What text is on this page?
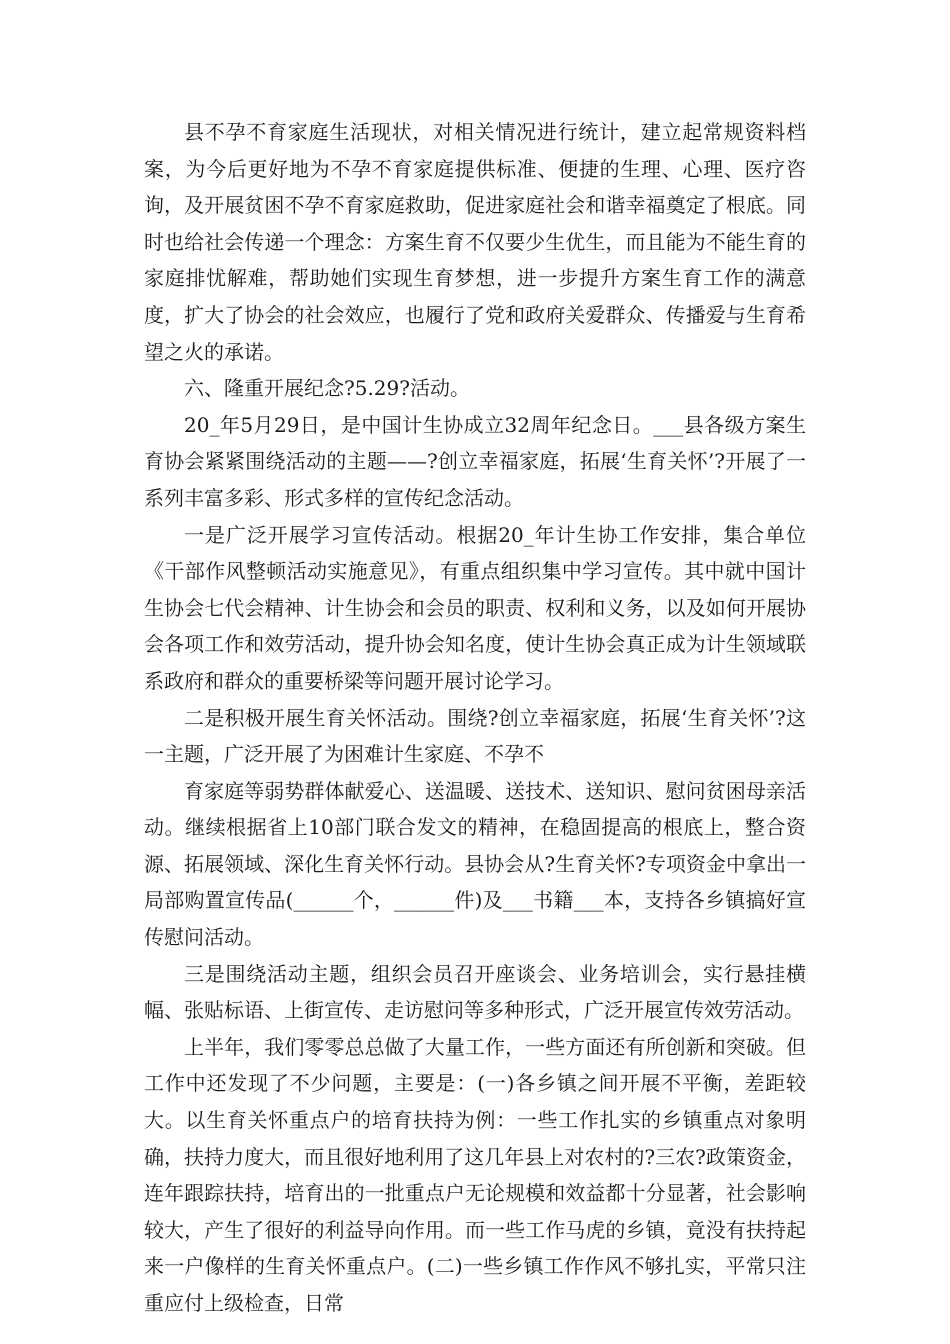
县不孕不育家庭生活现状，对相关情况进行统计，建立起常规资料档案，为今后更好地为不孕不育家庭提供标准、便捷的生理、心理、医疗咨询，及开展贫困不孕不育家庭救助，促进家庭社会和谐幸福奠定了根底。同时也给社会传递一个理念：方案生育不仅要少生优生，而且能为不能生育的家庭排忧解难，帮助她们实现生育梦想，进一步提升方案生育工作的满意度，扩大了协会的社会效应，也履行了党和政府关爱群众、传播爱与生育希望之火的承诺。

六、隆重开展纪念?5.29?活动。

20_年5月29日，是中国计生协成立32周年纪念日。___县各级方案生育协会紧紧围绕活动的主题——?创立幸福家庭，拓展‘生育关怀’?开展了一系列丰富多彩、形式多样的宣传纪念活动。

一是广泛开展学习宣传活动。根据20_年计生协工作安排，集合单位《干部作风整顿活动实施意见》，有重点组织集中学习宣传。其中就中国计生协会七代会精神、计生协会和会员的职责、权利和义务，以及如何开展协会各项工作和效劳活动，提升协会知名度，使计生协会真正成为计生领域联系政府和群众的重要桥梁等问题开展讨论学习。

二是积极开展生育关怀活动。围绕?创立幸福家庭，拓展‘生育关怀’?这一主题，广泛开展了为困难计生家庭、不孕不

育家庭等弱势群体献爱心、送温暖、送技术、送知识、慰问贫困母亲活动。继续根据省上10部门联合发文的精神，在稳固提高的根底上，整合资源、拓展领域、深化生育关怀行动。县协会从?生育关怀?专项资金中拿出一局部购置宣传品(______个，______件)及___书籍___本，支持各乡镇搞好宣传慰问活动。

三是围绕活动主题，组织会员召开座谈会、业务培训会，实行悬挂横幅、张贴标语、上街宣传、走访慰问等多种形式，广泛开展宣传效劳活动。

上半年，我们零零总总做了大量工作，一些方面还有所创新和突破。但工作中还发现了不少问题，主要是：(一)各乡镇之间开展不平衡，差距较大。以生育关怀重点户的培育扶持为例：一些工作扎实的乡镇重点对象明确，扶持力度大，而且很好地利用了这几年县上对农村的?三农?政策资金，连年跟踪扶持，培育出的一批重点户无论规模和效益都十分显著，社会影响较大，产生了很好的利益导向作用。而一些工作马虎的乡镇，竟没有扶持起来一户像样的生育关怀重点户。(二)一些乡镇工作作风不够扎实，平常只注重应付上级检查，日常
